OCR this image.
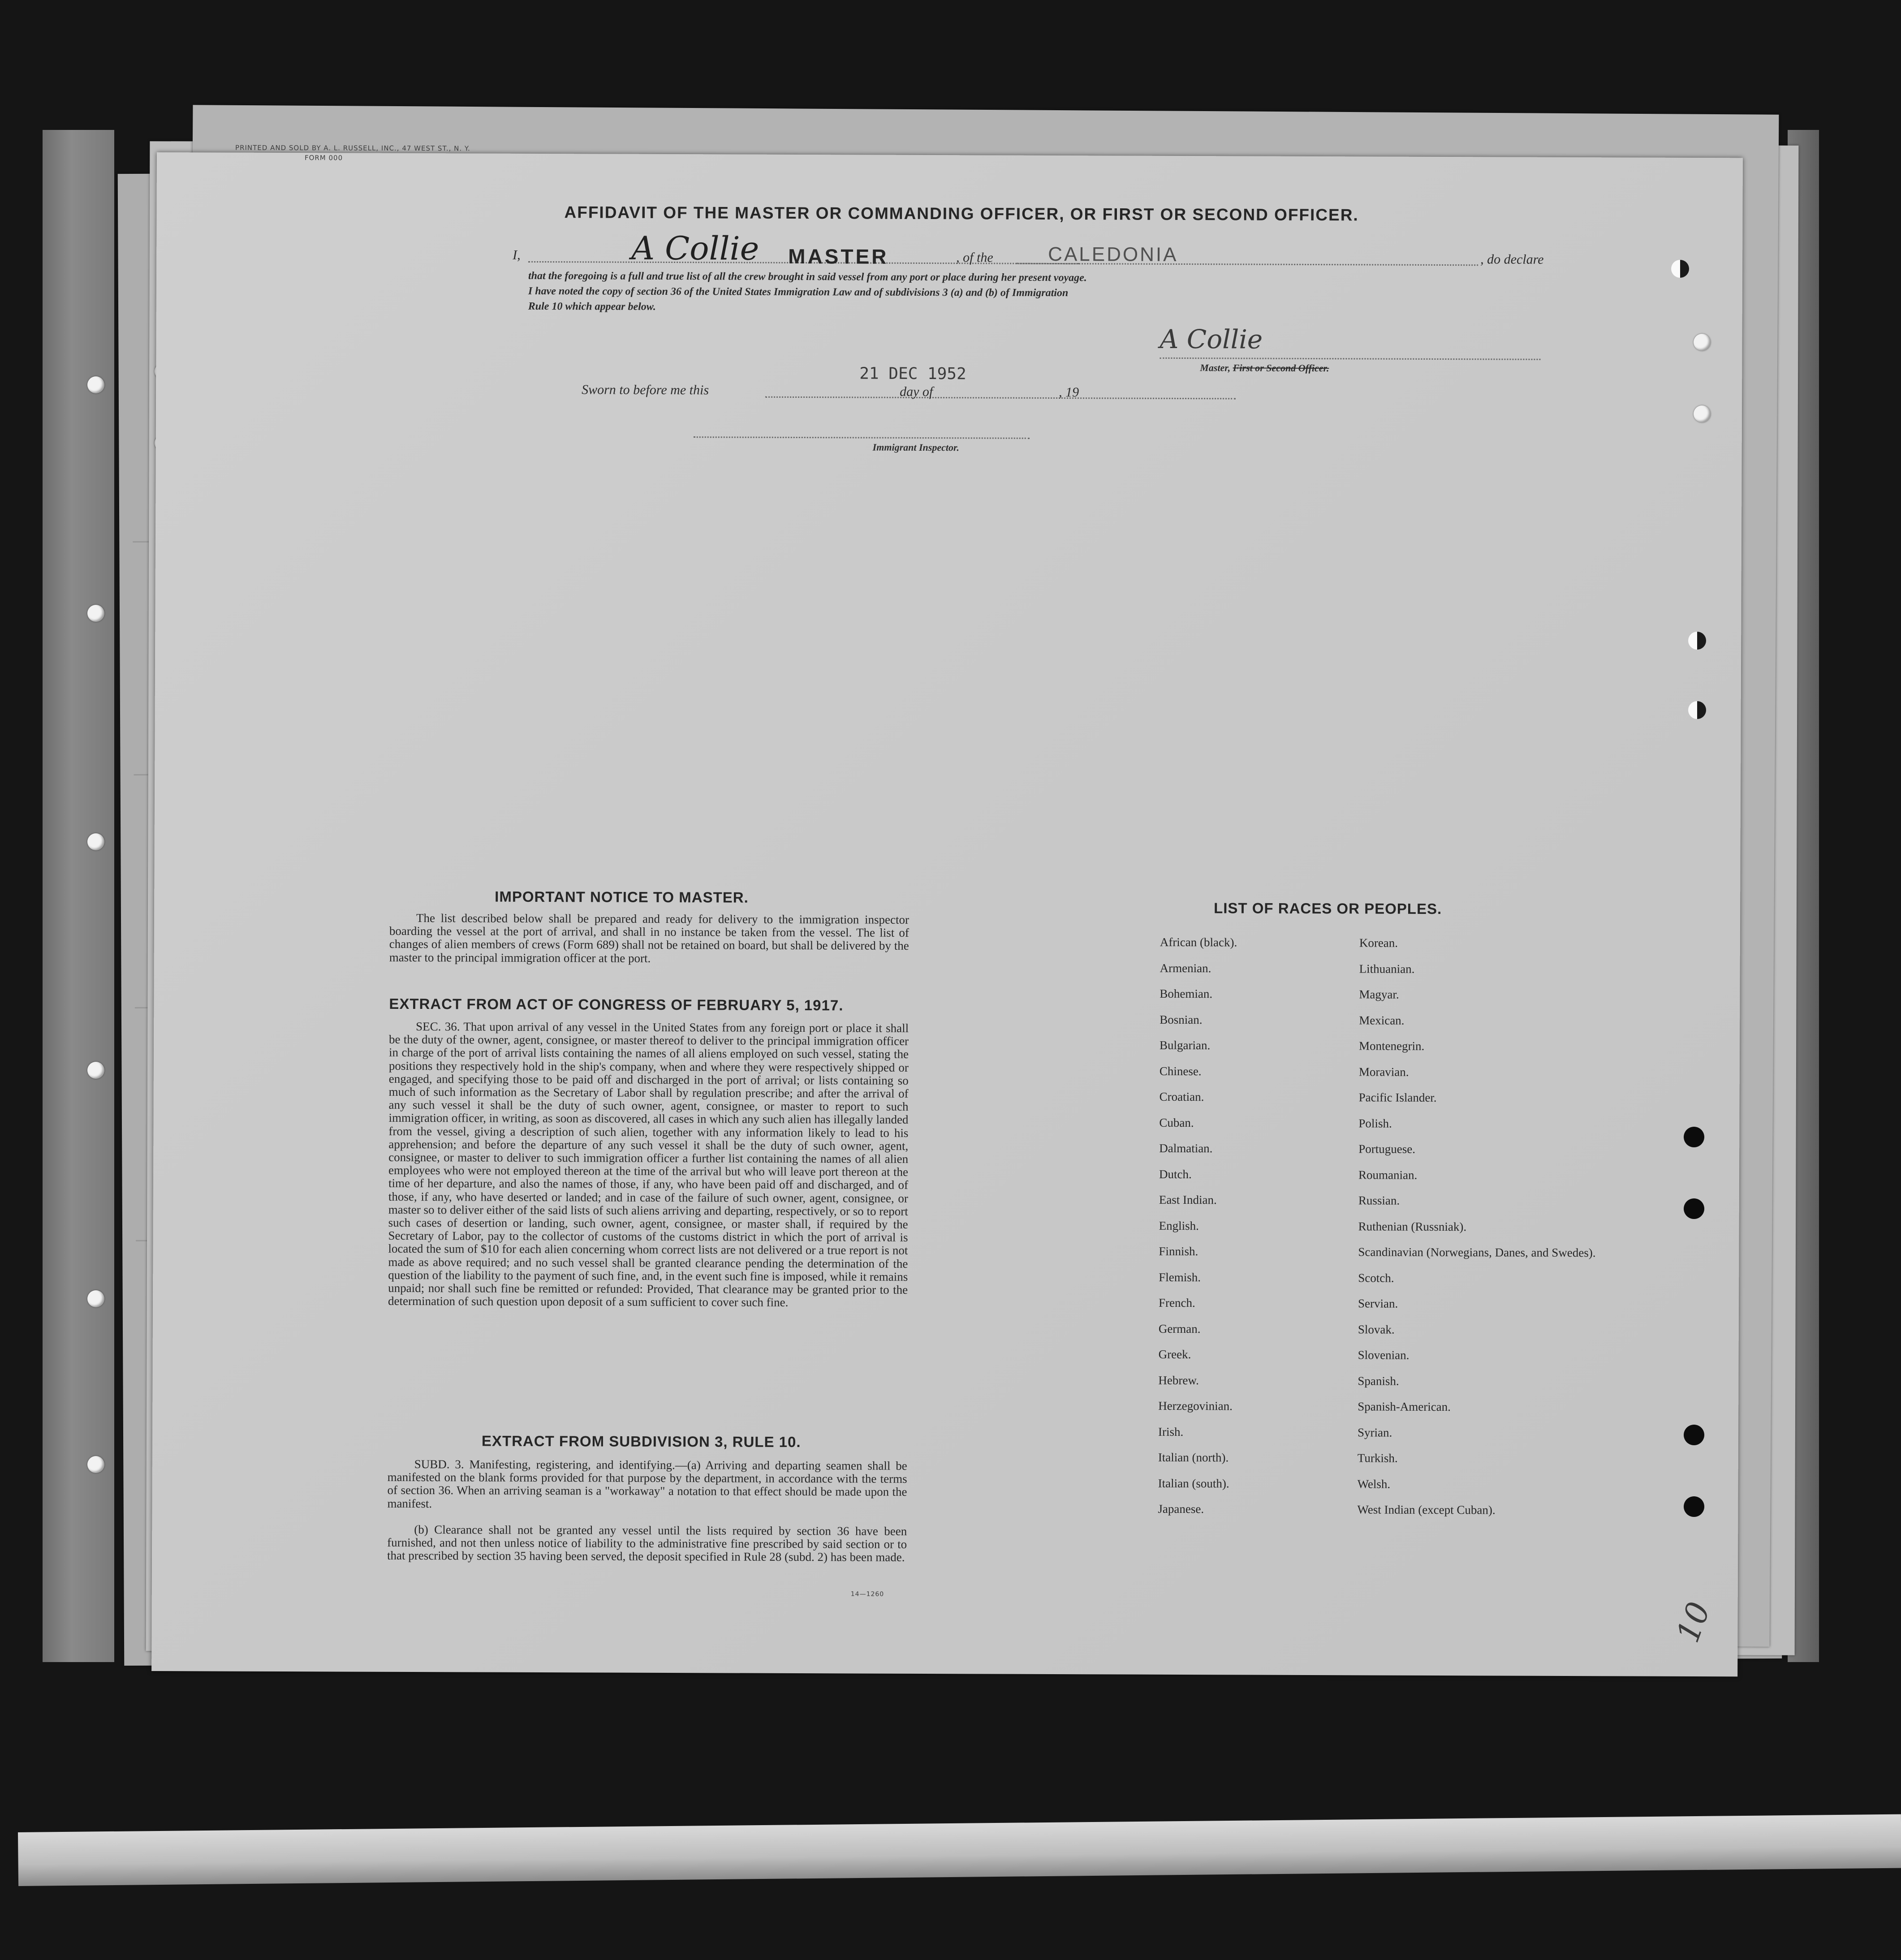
PRINTED AND SOLD BY A. L. RUSSELL, INC., 47 WEST ST., N. Y.
FORM 000
AFFIDAVIT OF THE MASTER OR COMMANDING OFFICER, OR FIRST OR SECOND OFFICER.
I,	A Collie MASTER	, of the	CALEDONIA	, do declare
that the foregoing is a full and true list of all the crew brought in said vessel from any port or place during her present voyage.
I have noted the copy of section 36 of the United States Immigration Law and of subdivisions 3 (a) and (b) of Immigration
Rule 10 which appear below.
A Collie
Master, First or Second Officer.
Sworn to before me this
21 DEC 1952
day of	, 19
Immigrant Inspector.
IMPORTANT NOTICE TO MASTER.
The list described below shall be prepared and ready for delivery to the immigration inspector boarding the vessel at the port of arrival, and shall in no instance be taken from the vessel. The list of changes of alien members of crews (Form 689) shall not be retained on board, but shall be delivered by the master to the principal immigration officer at the port.
EXTRACT FROM ACT OF CONGRESS OF FEBRUARY 5, 1917.
SEC. 36. That upon arrival of any vessel in the United States from any foreign port or place it shall be the duty of the owner, agent, consignee, or master thereof to deliver to the principal immigration officer in charge of the port of arrival lists containing the names of all aliens employed on such vessel, stating the positions they respectively hold in the ship's company, when and where they were respectively shipped or engaged, and specifying those to be paid off and discharged in the port of arrival; or lists containing so much of such information as the Secretary of Labor shall by regulation prescribe; and after the arrival of any such vessel it shall be the duty of such owner, agent, consignee, or master to report to such immigration officer, in writing, as soon as discovered, all cases in which any such alien has illegally landed from the vessel, giving a description of such alien, together with any information likely to lead to his apprehension; and before the departure of any such vessel it shall be the duty of such owner, agent, consignee, or master to deliver to such immigration officer a further list containing the names of all alien employees who were not employed thereon at the time of the arrival but who will leave port thereon at the time of her departure, and also the names of those, if any, who have been paid off and discharged, and of those, if any, who have deserted or landed; and in case of the failure of such owner, agent, consignee, or master so to deliver either of the said lists of such aliens arriving and departing, respectively, or so to report such cases of desertion or landing, such owner, agent, consignee, or master shall, if required by the Secretary of Labor, pay to the collector of customs of the customs district in which the port of arrival is located the sum of $10 for each alien concerning whom correct lists are not delivered or a true report is not made as above required; and no such vessel shall be granted clearance pending the determination of the question of the liability to the payment of such fine, and, in the event such fine is imposed, while it remains unpaid; nor shall such fine be remitted or refunded: Provided, That clearance may be granted prior to the determination of such question upon deposit of a sum sufficient to cover such fine.
EXTRACT FROM SUBDIVISION 3, RULE 10.
SUBD. 3. Manifesting, registering, and identifying.—(a) Arriving and departing seamen shall be manifested on the blank forms provided for that purpose by the department, in accordance with the terms of section 36. When an arriving seaman is a "workaway" a notation to that effect should be made upon the manifest.
(b) Clearance shall not be granted any vessel until the lists required by section 36 have been furnished, and not then unless notice of liability to the administrative fine prescribed by said section or to that prescribed by section 35 having been served, the deposit specified in Rule 28 (subd. 2) has been made.
14—1260
LIST OF RACES OR PEOPLES.
African (black).
Armenian.
Bohemian.
Bosnian.
Bulgarian.
Chinese.
Croatian.
Cuban.
Dalmatian.
Dutch.
East Indian.
English.
Finnish.
Flemish.
French.
German.
Greek.
Hebrew.
Herzegovinian.
Irish.
Italian (north).
Italian (south).
Japanese.
Korean.
Lithuanian.
Magyar.
Mexican.
Montenegrin.
Moravian.
Pacific Islander.
Polish.
Portuguese.
Roumanian.
Russian.
Ruthenian (Russniak).
Scandinavian (Norwegians, Danes, and Swedes).
Scotch.
Servian.
Slovak.
Slovenian.
Spanish.
Spanish-American.
Syrian.
Turkish.
Welsh.
West Indian (except Cuban).
10
